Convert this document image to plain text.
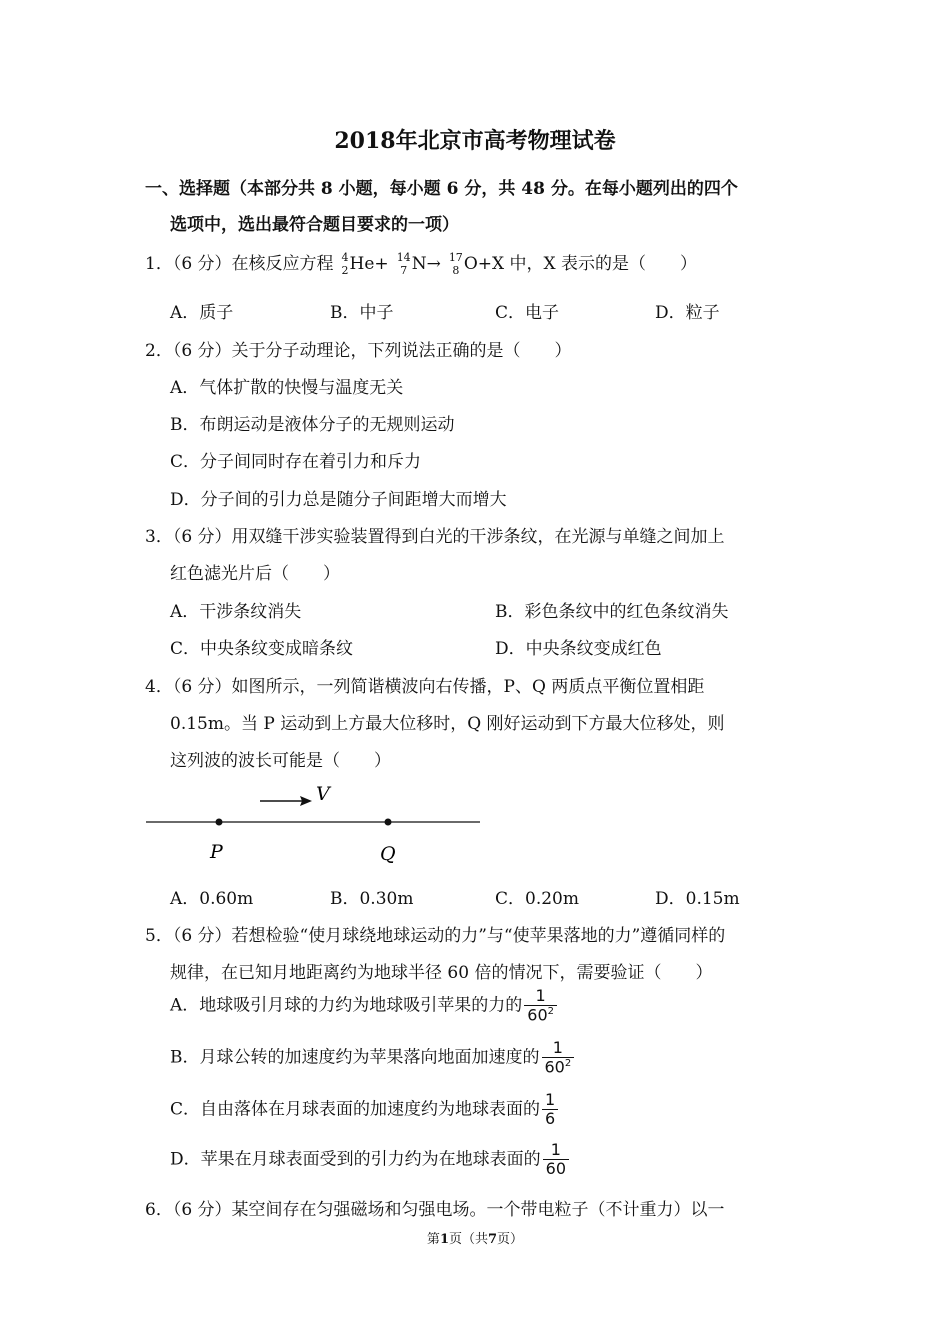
2018年北京市高考物理试卷
一、选择题（本部分共 8 小题，每小题 6 分，共 48 分。在每小题列出的四个
选项中，选出最符合题目要求的一项）
1．（6 分）在核反应方程 4
2 He+ 14
7 N→ 17
8 O+X 中，X 表示的是（　　）
A．质子	B．中子	C．电子	D．粒子
2．（6 分）关于分子动理论，下列说法正确的是（　　）
A．气体扩散的快慢与温度无关
B．布朗运动是液体分子的无规则运动
C．分子间同时存在着引力和斥力
D．分子间的引力总是随分子间距增大而增大
3．（6 分）用双缝干涉实验装置得到白光的干涉条纹，在光源与单缝之间加上
红色滤光片后（　　）
A．干涉条纹消失	B．彩色条纹中的红色条纹消失
C．中央条纹变成暗条纹	D．中央条纹变成红色
4．（6 分）如图所示，一列简谐横波向右传播，P、Q 两质点平衡位置相距
0.15m。当 P 运动到上方最大位移时，Q 刚好运动到下方最大位移处，则
这列波的波长可能是（　　）
V
P	Q
A．0.60m	B．0.30m	C．0.20m	D．0.15m
5．（6 分）若想检验“使月球绕地球运动的力”与“使苹果落地的力”遵循同样的
规律，在已知月地距离约为地球半径 60 倍的情况下，需要验证（　　）
A．地球吸引月球的力约为地球吸引苹果的力的 $\frac{1}{60^2}$
B．月球公转的加速度约为苹果落向地面加速度的 $\frac{1}{60^2}$
C．自由落体在月球表面的加速度约为地球表面的 $\frac{1}{6}$
D．苹果在月球表面受到的引力约为在地球表面的 $\frac{1}{60}$
6．（6 分）某空间存在匀强磁场和匀强电场。一个带电粒子（不计重力）以一
第1页（共7页）
